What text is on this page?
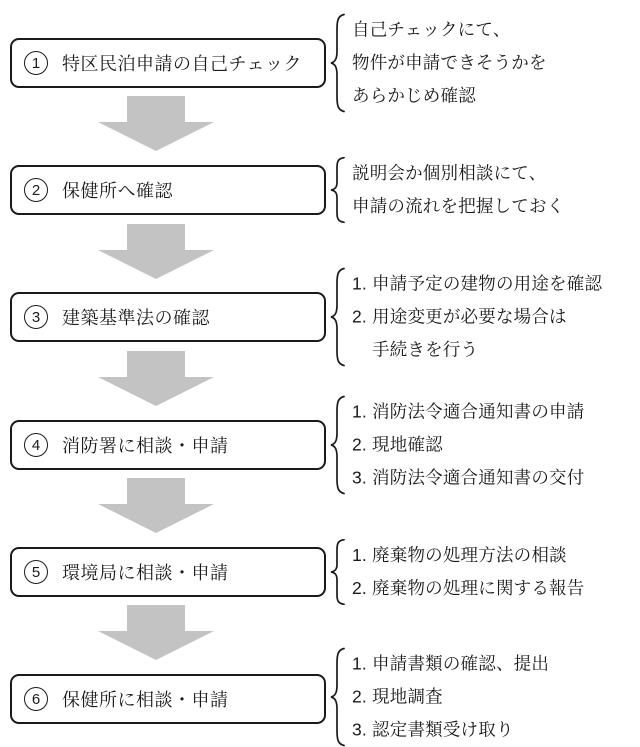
1 特区民泊申請の自己チェック
自己チェックにて、
物件が申請できそうかを
あらかじめ確認
2 保健所へ確認
説明会か個別相談にて、
申請の流れを把握しておく
3 建築基準法の確認
1. 申請予定の建物の用途を確認
2. 用途変更が必要な場合は
手続きを行う
4 消防署に相談・申請
1. 消防法令適合通知書の申請
2. 現地確認
3. 消防法令適合通知書の交付
5 環境局に相談・申請
1. 廃棄物の処理方法の相談
2. 廃棄物の処理に関する報告
6 保健所に相談・申請
1. 申請書類の確認、提出
2. 現地調査
3. 認定書類受け取り
